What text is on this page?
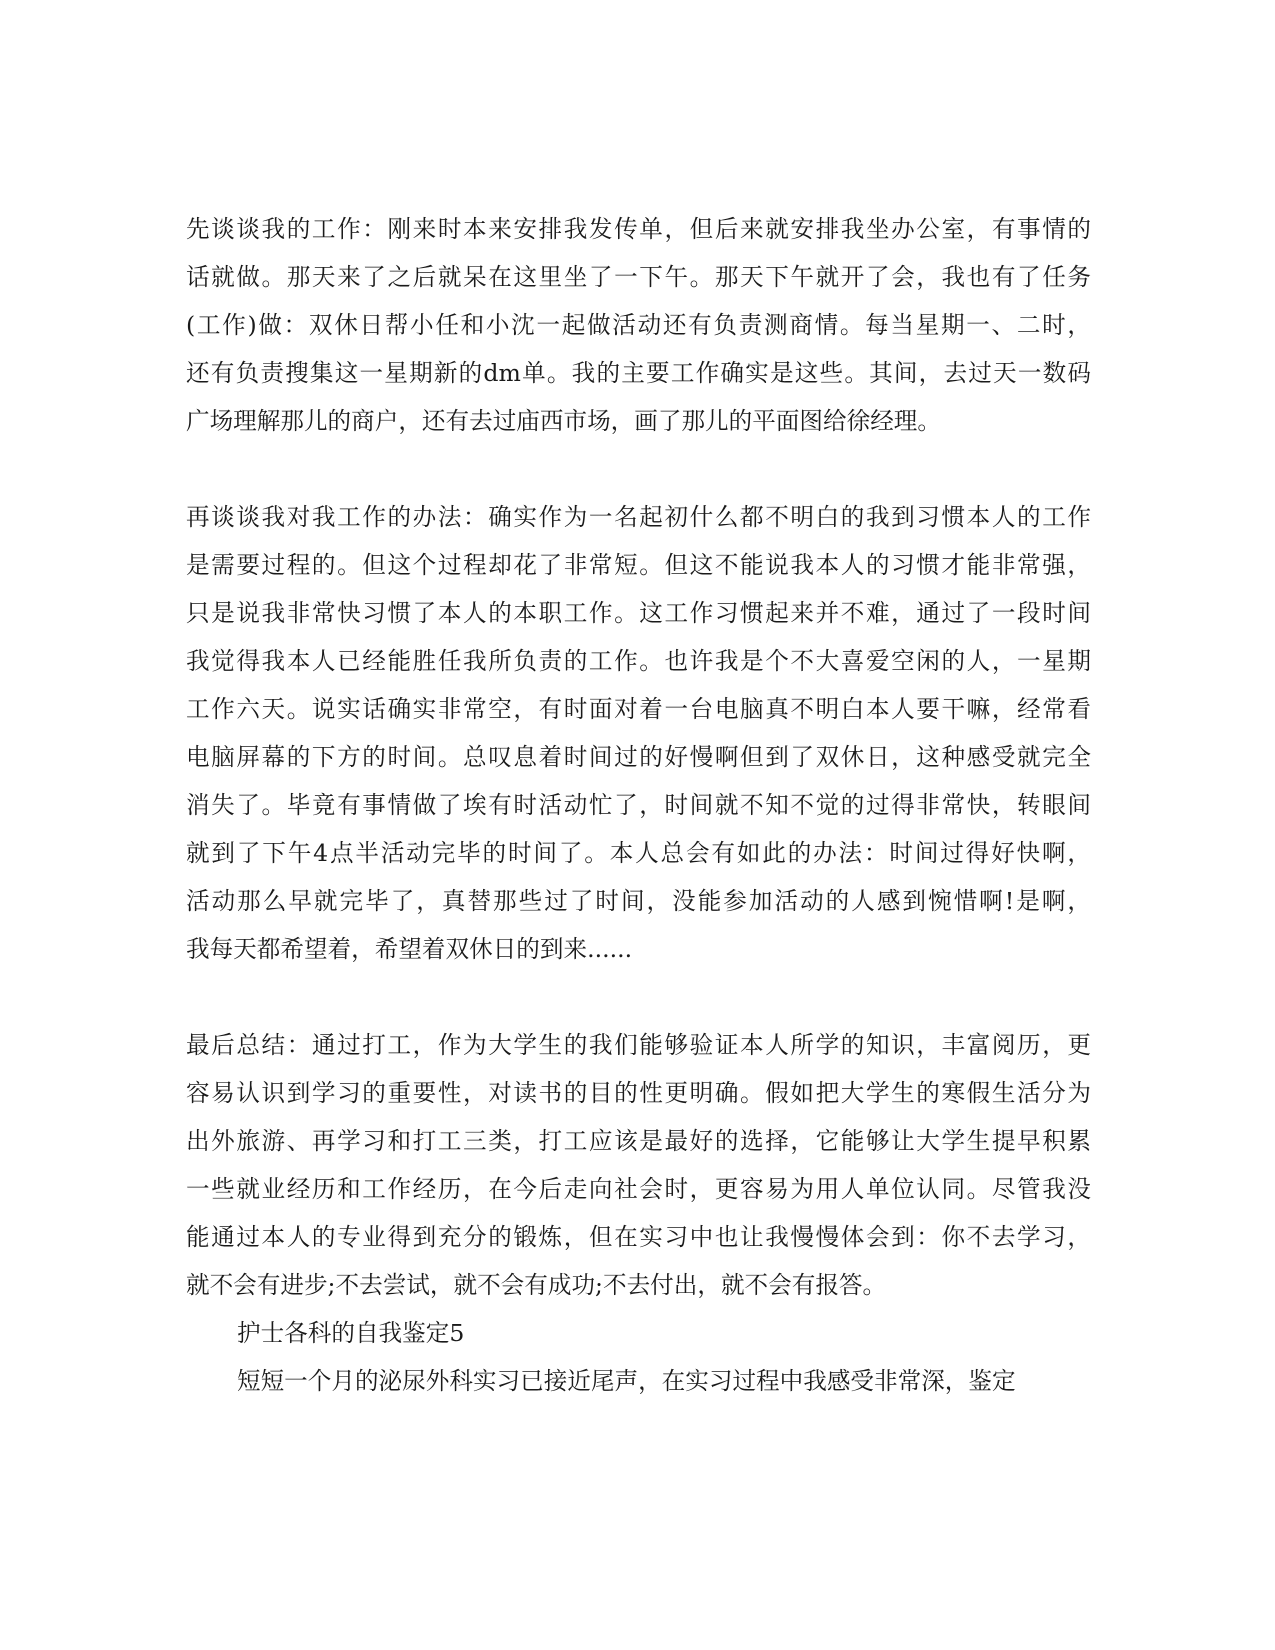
先谈谈我的工作：刚来时本来安排我发传单，但后来就安排我坐办公室，有事情的
话就做。那天来了之后就呆在这里坐了一下午。那天下午就开了会，我也有了任务
(工作)做：双休日帮小任和小沈一起做活动还有负责测商情。每当星期一、二时，
还有负责搜集这一星期新的dm单。我的主要工作确实是这些。其间，去过天一数码
广场理解那儿的商户，还有去过庙西市场，画了那儿的平面图给徐经理。
再谈谈我对我工作的办法：确实作为一名起初什么都不明白的我到习惯本人的工作
是需要过程的。但这个过程却花了非常短。但这不能说我本人的习惯才能非常强，
只是说我非常快习惯了本人的本职工作。这工作习惯起来并不难，通过了一段时间
我觉得我本人已经能胜任我所负责的工作。也许我是个不大喜爱空闲的人，一星期
工作六天。说实话确实非常空，有时面对着一台电脑真不明白本人要干嘛，经常看
电脑屏幕的下方的时间。总叹息着时间过的好慢啊但到了双休日，这种感受就完全
消失了。毕竟有事情做了埃有时活动忙了，时间就不知不觉的过得非常快，转眼间
就到了下午4点半活动完毕的时间了。本人总会有如此的办法：时间过得好快啊，
活动那么早就完毕了，真替那些过了时间，没能参加活动的人感到惋惜啊!是啊，
我每天都希望着，希望着双休日的到来......
最后总结：通过打工，作为大学生的我们能够验证本人所学的知识，丰富阅历，更
容易认识到学习的重要性，对读书的目的性更明确。假如把大学生的寒假生活分为
出外旅游、再学习和打工三类，打工应该是最好的选择，它能够让大学生提早积累
一些就业经历和工作经历，在今后走向社会时，更容易为用人单位认同。尽管我没
能通过本人的专业得到充分的锻炼，但在实习中也让我慢慢体会到：你不去学习，
就不会有进步;不去尝试，就不会有成功;不去付出，就不会有报答。
护士各科的自我鉴定5
短短一个月的泌尿外科实习已接近尾声，在实习过程中我感受非常深，鉴定
